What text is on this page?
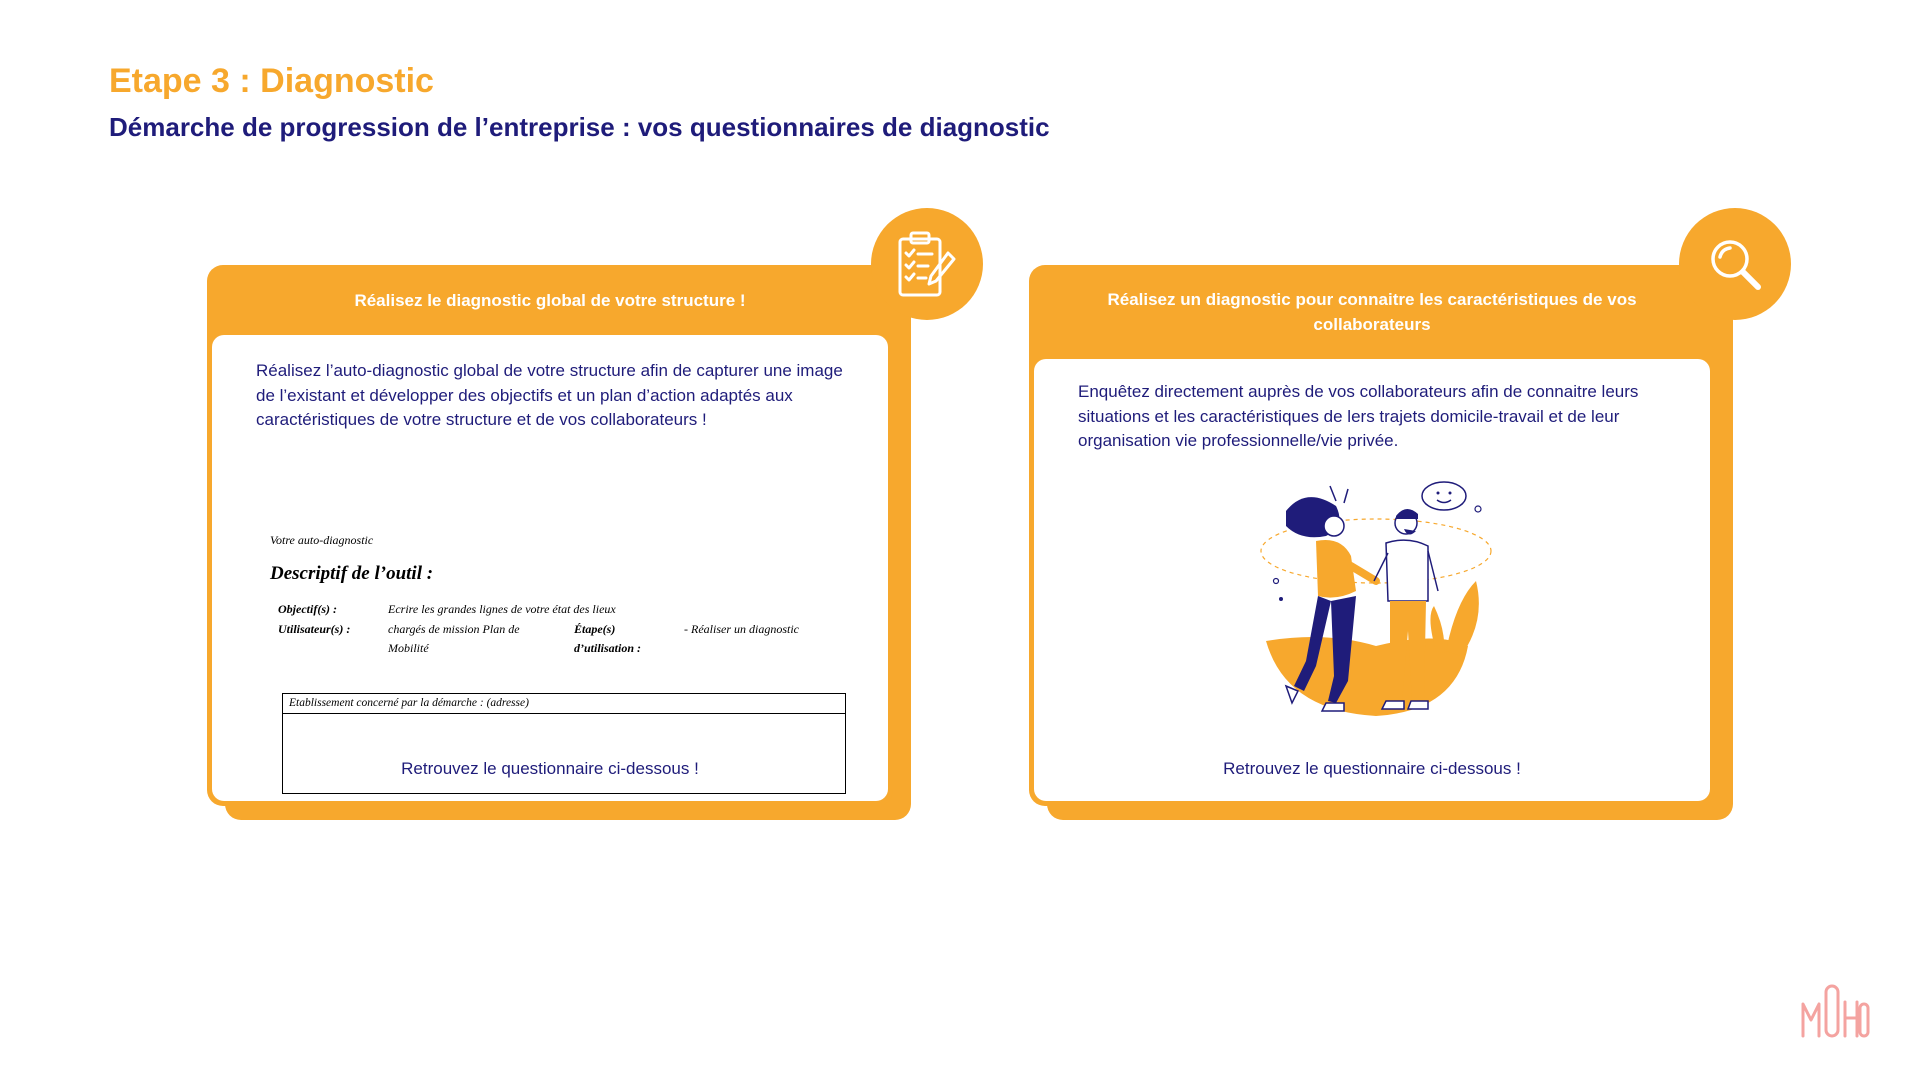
Etape 3 : Diagnostic
Démarche de progression de l’entreprise : vos questionnaires de diagnostic
Réalisez le diagnostic global de votre structure !
Réalisez l’auto-diagnostic global de votre structure afin de capturer une image de l’existant et développer des objectifs et un plan d’action adaptés aux caractéristiques de votre structure et de vos collaborateurs !
Votre auto-diagnostic
Descriptif de l’outil :
Objectif(s) :	Ecrire les grandes lignes de votre état des lieux
Utilisateur(s) :	chargés de mission Plan de
Mobilité
Étape(s)
d’utilisation :
- Réaliser un diagnostic
Etablissement concerné par la démarche : (adresse)
Retrouvez le questionnaire ci-dessous !
Réalisez un diagnostic pour connaitre les caractéristiques de vos collaborateurs
Enquêtez directement auprès de vos collaborateurs afin de connaitre leurs situations et les caractéristiques de lers trajets domicile-travail et de leur organisation vie professionnelle/vie privée.
Retrouvez le questionnaire ci-dessous !
